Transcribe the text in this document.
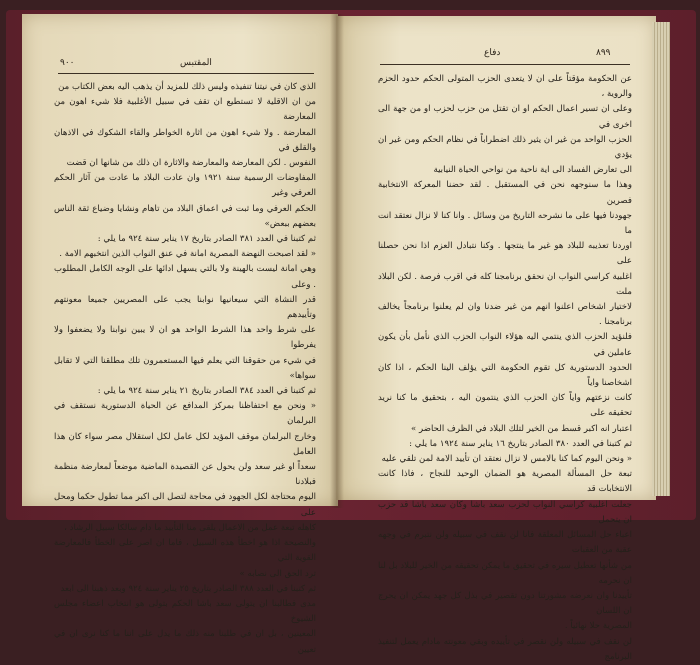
٩٠٠	المقتبس
دفاع	٨٩٩

الذي كان في نيتنا تنفيذه وليس ذلك للمزيد أن يذهب اليه بعض الكتاب من

من ان الاقلية لا تستطيع ان تقف في سبيل الأغلبية فلا شيء اهون من المعارضة

المعارضة . ولا شيء اهون من اثارة الخواطر والقاء الشكوك في الاذهان والقلق في

النفوس . لكن المعارضة والمعارضة والاثارة ان ذلك من شانها ان قضت

المفاوضات الرسمية سنة ١٩٢١ وان عادت البلاد ما عادت من آثار الحكم العرفي وغير

الحكم العرفي وما ثبت في اعماق البلاد من تاهام ونشايا وضياع ثقة الناس بعضهم ببعض»

ثم كتبنا في العدد ٣٨١ الصادر بتاريخ ١٧ يناير سنة ٩٢٤ ما يلي :

« لقد اصبحت النهضة المصرية امانة في عنق النواب الذين انتخبهم الامة .

وهي امانة ليست بالهينة ولا بالتي يسهل ادائها على الوجه الكامل المطلوب . وعلى

قدر النشاة التي سيعانيها نوابنا يجب على المصريين جميعا معونتهم وتأييدهم

على شرط واحد هذا الشرط الواحد هو ان لا يبين نوابنا ولا يضعفوا ولا يفرطوا

في شيء من حقوقنا التي يعلم فيها المستعمرون تلك مطلقنا التي لا تقابل سواها»

ثم كتبنا في العدد ٣٨٤ الصادر بتاريخ ٢١ يناير سنة ٩٢٤ ما يلي :

« ونحن مع احتفاظنا بمركز المدافع عن الحياة الدستورية نستقف في البرلمان

وخارج البرلمان موقف المؤيد لكل عامل لكل استقلال مصر سواء كان هذا العامل

سعداً او غير سعد ولن يحول عن القصيدة الماضية موضعاً لمعارضة منظمة فبلادنا

اليوم محتاجة لكل الجهود في محاجة لتصل الى اكبر مما تطول حكما ومحل على

كاهله تبعة عمل من الاعمال يلقى منا التأييد ما دام سالكا سبيل الرشاد ،

والنصيحة اذا هو اخطأ هذه السبيل ، فاما ان اصر على الخطأ فالمعارضة القوية التي

ترد الحق الى نصابه »

ثم كتبنا في العدد ٣٨٨ الصادر بتاريخ ٢٥ يناير سنة ٩٢٤ وبعد ذهبنا الى ابعد

مدى فطالبنا ان يتولى سعد باشا الحكم بتولى هو انتخاب اعضاء مجلس الشيوخ

المعينين ، بل ان في طلبنا منه ذلك ما يدل على اننا ما كنا نرى ان في تعيين

عن الحكومة مؤقتاً على ان لا يتعدى الحزب المتولى الحكم حدود الحزم والروية ،

وعلى ان تسير اعمال الحكم او ان تقتل من حزب لحزب او من جهة الى اخرى في

الحزب الواحد من غير ان يثير ذلك اضطراباً في نظام الحكم ومن غير ان يؤدي

الى تعارض الفساد الى اية ناحية من نواحي الحياة النيابية

وهذا ما سنوجهه نحن في المستقبل . لقد حضنا المعركة الانتخابية فصرين

جهودنا فيها على ما نشرحه التاريخ من وسائل . وانا كنا لا نزال نعتقد انت ما

اوردنا تعذيبه للبلاد هو غير ما ينتجها . وكنا نتبادل العزم اذا نحن حصلنا على

اغلبية كراسي النواب ان نحقق برنامجنا كله في اقرب فرصة . لكن البلاد ملت

لاختيار اشخاص اعلنوا انهم من غير ضدنا وان لم يعلنوا برنامجاً يخالف برنامجنا .

فلنؤيد الحزب الذي ينتمي اليه هؤلاء النواب الحزب الذي نأمل بأن يكون عاملين في

الحدود الدستورية كل تقوم الحكومة التي يؤلف الينا الحكم ، اذا كان اشخاصنا واياً

كانت نزعتهم واياً كان الحزب الذي ينتمون اليه ، بتحقيق ما كنا نريد تحقيقه على

اعتبار انه اكبر قسط من الخير لتلك البلاد في الظرف الحاضر »

ثم كتبنا في العدد ٣٨٠ الصادر بتاريخ ١٦ يناير سنة ١٩٢٤ ما يلي :

« ونحن اليوم كما كنا بالامس لا نزال نعتقد ان تأييد الامة لمن تلقي عليه

تبعة حل المسألة المصرية هو الضمان الوحيد للنجاح ، فاذا كانت الانتخابات قد

جعلت اغلبية كراسي النواب لحزب سعد باشا وكان سعد باشا قد حزب ان يتحمل

اعباء حل المسائل المعلقة فانا لن نقف في سبيله ولن نتبرم في وجهه عقبة من العقبات

من شأنها تعطيل سيره في تحقيق ما يمكن تحقيقه من الخير للبلاد بل لنا ان نحرمه

تأييدنا وان نعرضه مشورتنا دون تقصير في بذل كل جهد يمكن ان يحرج ان اللسان

المصرية حلا نهائياً .

لن نقف في سبيله ولن نقصر في تأييده وبقي معونته مادام يعمل لتنفيذ البرنامج
